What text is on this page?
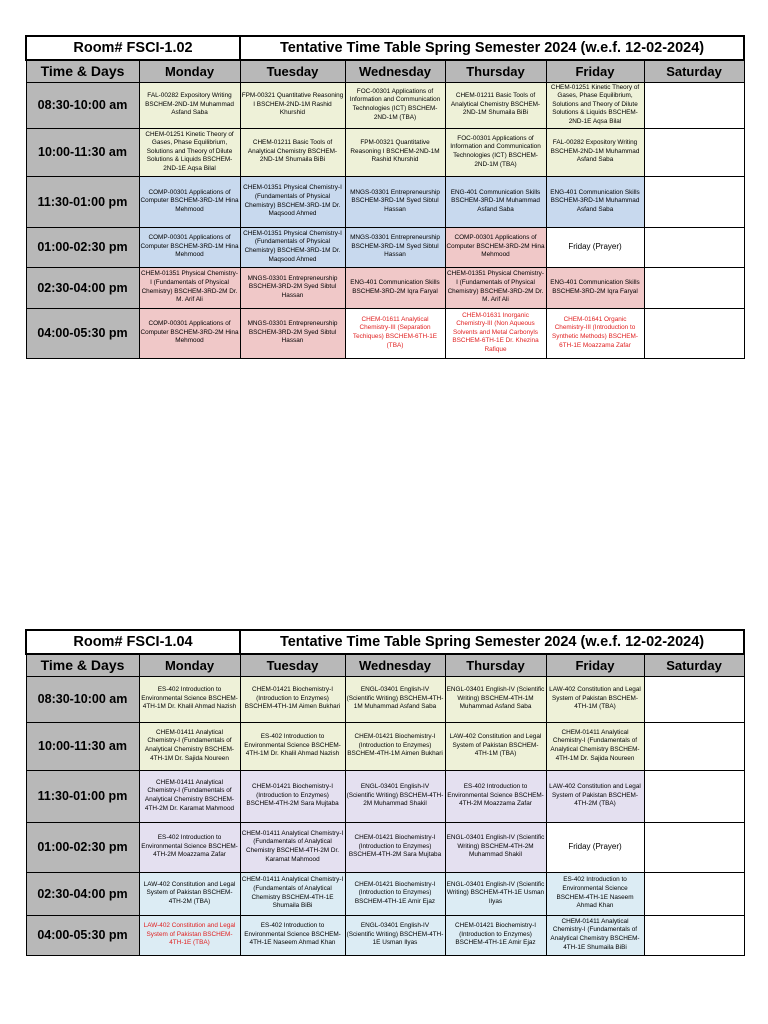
Room# FSCI-1.02		Tentative Time Table Spring Semester 2024 (w.e.f. 12-02-2024)				
Time & Days	Monday	Tuesday	Wednesday	Thursday	Friday	Saturday
08:30-10:00 am	FAL-00282 Expository Writing BSCHEM-2ND-1M Muhammad Asfand Saba	FPM-00321 Quantitative Reasoning I BSCHEM-2ND-1M Rashid Khurshid	FOC-00301 Applications of Information and Communication Technologies (ICT) BSCHEM-2ND-1M (TBA)	CHEM-01211 Basic Tools of Analytical Chemistry BSCHEM-2ND-1M Shumaila BiBi	CHEM-01251 Kinetic Theory of Gases, Phase Equilibrium, Solutions and Theory of Dilute Solutions & Liquids BSCHEM-2ND-1E Aqsa Bilal	
10:00-11:30 am	CHEM-01251 Kinetic Theory of Gases, Phase Equilibrium, Solutions and Theory of Dilute Solutions & Liquids BSCHEM-2ND-1E Aqsa Bilal	CHEM-01211 Basic Tools of Analytical Chemistry BSCHEM-2ND-1M Shumaila BiBi	FPM-00321 Quantitative Reasoning I BSCHEM-2ND-1M Rashid Khurshid	FOC-00301 Applications of Information and Communication Technologies (ICT) BSCHEM-2ND-1M (TBA)	FAL-00282 Expository Writing BSCHEM-2ND-1M Muhammad Asfand Saba	
11:30-01:00 pm	COMP-00301 Applications of Computer BSCHEM-3RD-1M Hina Mehmood	CHEM-01351 Physical Chemistry-I (Fundamentals of Physical Chemistry) BSCHEM-3RD-1M Dr. Maqsood Ahmed	MNGS-03301 Entrepreneurship BSCHEM-3RD-1M Syed Sibtul Hassan	ENG-401 Communication Skills BSCHEM-3RD-1M Muhammad Asfand Saba	ENG-401 Communication Skills BSCHEM-3RD-1M Muhammad Asfand Saba	
01:00-02:30 pm	COMP-00301 Applications of Computer BSCHEM-3RD-1M Hina Mehmood	CHEM-01351 Physical Chemistry-I (Fundamentals of Physical Chemistry) BSCHEM-3RD-1M Dr. Maqsood Ahmed	MNGS-03301 Entrepreneurship BSCHEM-3RD-1M Syed Sibtul Hassan	COMP-00301 Applications of Computer BSCHEM-3RD-2M Hina Mehmood	Friday (Prayer)	
02:30-04:00 pm	CHEM-01351 Physical Chemistry-I (Fundamentals of Physical Chemistry) BSCHEM-3RD-2M Dr. M. Arif Ali	MNGS-03301 Entrepreneurship BSCHEM-3RD-2M Syed Sibtul Hassan	ENG-401 Communication Skills BSCHEM-3RD-2M Iqra Faryal	CHEM-01351 Physical Chemistry-I (Fundamentals of Physical Chemistry) BSCHEM-3RD-2M Dr. M. Arif Ali	ENG-401 Communication Skills BSCHEM-3RD-2M Iqra Faryal	
04:00-05:30 pm	COMP-00301 Applications of Computer BSCHEM-3RD-2M Hina Mehmood	MNGS-03301 Entrepreneurship BSCHEM-3RD-2M Syed Sibtul Hassan	CHEM-01611 Analytical Chemistry-III (Separation Techiques) BSCHEM-6TH-1E (TBA)	CHEM-01631 Inorganic Chemistry-III (Non Aqueous Solvents and Metal Carbonyls BSCHEM-6TH-1E Dr. Khezina Rafique	CHEM-01641 Organic Chemistry-III (Introduction to Synthetic Methods) BSCHEM-6TH-1E Moazzama Zafar	
Room# FSCI-1.04		Tentative Time Table Spring Semester 2024 (w.e.f. 12-02-2024)				
Time & Days	Monday	Tuesday	Wednesday	Thursday	Friday	Saturday
08:30-10:00 am	ES-402 Introduction to Environmental Science BSCHEM-4TH-1M Dr. Khalil Ahmad Nazish	CHEM-01421 Biochemistry-I (Introduction to Enzymes) BSCHEM-4TH-1M Aimen Bukhari	ENGL-03401 English-IV (Scientific Writing) BSCHEM-4TH-1M Muhammad Asfand Saba	ENGL-03401 English-IV (Scientific Writing) BSCHEM-4TH-1M Muhammad Asfand Saba	LAW-402 Constitution and Legal System of Pakistan BSCHEM-4TH-1M (TBA)	
10:00-11:30 am	CHEM-01411 Analytical Chemistry-I (Fundamentals of Analytical Chemistry BSCHEM-4TH-1M Dr. Sajida Noureen	ES-402 Introduction to Environmental Science BSCHEM-4TH-1M Dr. Khalil Ahmad Nazish	CHEM-01421 Biochemistry-I (Introduction to Enzymes) BSCHEM-4TH-1M Aimen Bukhari	LAW-402 Constitution and Legal System of Pakistan BSCHEM-4TH-1M (TBA)	CHEM-01411 Analytical Chemistry-I (Fundamentals of Analytical Chemistry BSCHEM-4TH-1M Dr. Sajida Noureen	
11:30-01:00 pm	CHEM-01411 Analytical Chemistry-I (Fundamentals of Analytical Chemistry BSCHEM-4TH-2M Dr. Karamat Mahmood	CHEM-01421 Biochemistry-I (Introduction to Enzymes) BSCHEM-4TH-2M Sara Mujtaba	ENGL-03401 English-IV (Scientific Writing) BSCHEM-4TH-2M Muhammad Shakil	ES-402 Introduction to Environmental Science BSCHEM-4TH-2M Moazzama Zafar	LAW-402 Constitution and Legal System of Pakistan BSCHEM-4TH-2M (TBA)	
01:00-02:30 pm	ES-402 Introduction to Environmental Science BSCHEM-4TH-2M Moazzama Zafar	CHEM-01411 Analytical Chemistry-I (Fundamentals of Analytical Chemistry BSCHEM-4TH-2M Dr. Karamat Mahmood	CHEM-01421 Biochemistry-I (Introduction to Enzymes) BSCHEM-4TH-2M Sara Mujtaba	ENGL-03401 English-IV (Scientific Writing) BSCHEM-4TH-2M Muhammad Shakil	Friday (Prayer)	
02:30-04:00 pm	LAW-402 Constitution and Legal System of Pakistan BSCHEM-4TH-2M (TBA)	CHEM-01411 Analytical Chemistry-I (Fundamentals of Analytical Chemistry BSCHEM-4TH-1E Shumaila BiBi	CHEM-01421 Biochemistry-I (Introduction to Enzymes) BSCHEM-4TH-1E Amir Ejaz	ENGL-03401 English-IV (Scientific Writing) BSCHEM-4TH-1E Usman Ilyas	ES-402 Introduction to Environmental Science BSCHEM-4TH-1E Naseem Ahmad Khan	
04:00-05:30 pm	LAW-402 Constitution and Legal System of Pakistan BSCHEM-4TH-1E (TBA)	ES-402 Introduction to Environmental Science BSCHEM-4TH-1E Naseem Ahmad Khan	ENGL-03401 English-IV (Scientific Writing) BSCHEM-4TH-1E Usman Ilyas	CHEM-01421 Biochemistry-I (Introduction to Enzymes) BSCHEM-4TH-1E Amir Ejaz	CHEM-01411 Analytical Chemistry-I (Fundamentals of Analytical Chemistry BSCHEM-4TH-1E Shumaila BiBi	
